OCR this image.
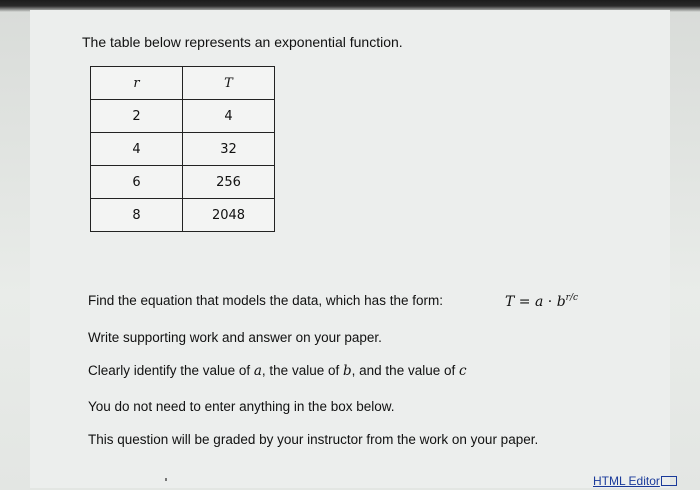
The table below represents an exponential function.
r	T
2	4
4	32
6	256
8	2048
Find the equation that models the data, which has the form:	$T = a \cdot b^{r/c}$
Write supporting work and answer on your paper.
Clearly identify the value of a, the value of b, and the value of c
You do not need to enter anything in the box below.
This question will be graded by your instructor from the work on your paper.
HTML Editor
